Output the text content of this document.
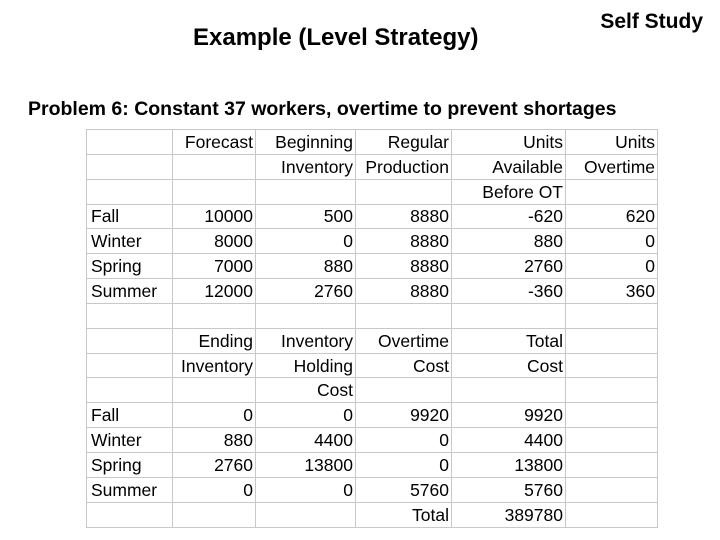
Example (Level Strategy)
Self Study
Problem 6: Constant 37 workers, overtime to prevent shortages
	Forecast	Beginning	Regular	Units	Units
		Inventory	Production	Available	Overtime
				Before OT	
Fall	10000	500	8880	-620	620
Winter	8000	0	8880	880	0
Spring	7000	880	8880	2760	0
Summer	12000	2760	8880	-360	360

	Ending	Inventory	Overtime	Total	
	Inventory	Holding	Cost	Cost	
		Cost			
Fall	0	0	9920	9920	
Winter	880	4400	0	4400	
Spring	2760	13800	0	13800	
Summer	0	0	5760	5760	
			Total	389780	
